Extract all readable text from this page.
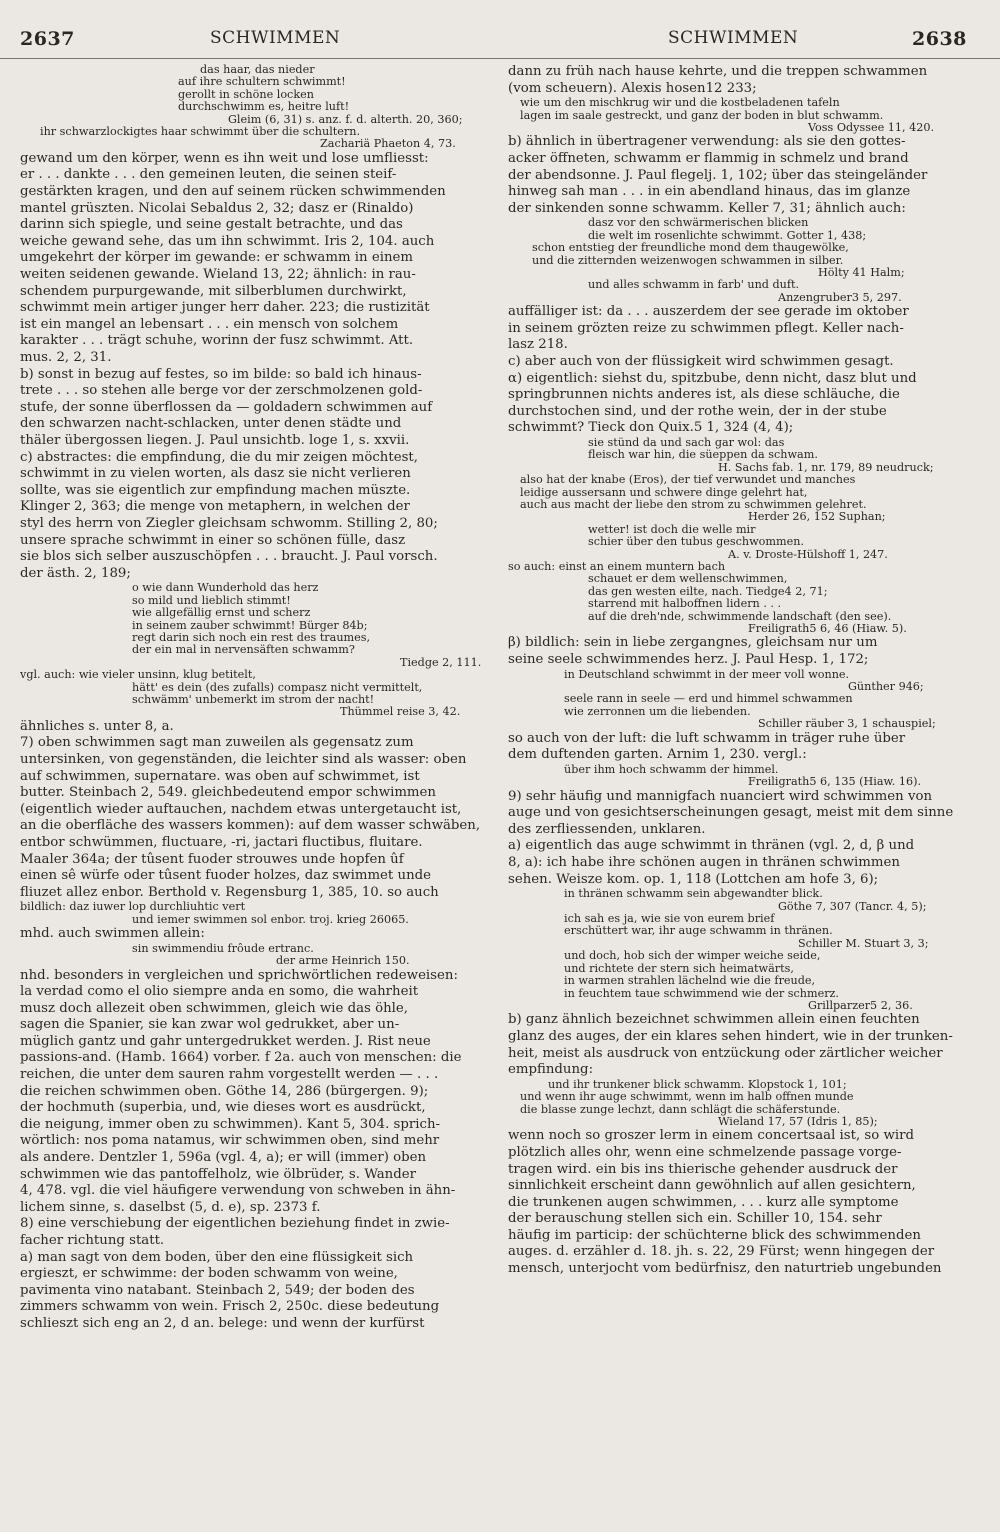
2637	SCHWIMMEN	SCHWIMMEN	2638
das haar, das nieder
auf ihre schultern schwimmt!
gerollt in schöne locken
durchschwimm es, heitre luft!
Gleim (6, 31) s. anz. f. d. alterth. 20, 360;
ihr schwarzlockigtes haar schwimmt über die schultern.
Zachariä Phaeton 4, 73.
gewand um den körper, wenn es ihn weit und lose umfliesst:
er . . . dankte . . . den gemeinen leuten, die seinen steif-
gestärkten kragen, und den auf seinem rücken schwimmenden
mantel grüszten. Nicolai Sebaldus 2, 32; dasz er (Rinaldo)
darinn sich spiegle, und seine gestalt betrachte, und das
weiche gewand sehe, das um ihn schwimmt. Iris 2, 104. auch
umgekehrt der körper im gewande: er schwamm in einem
weiten seidenen gewande. Wieland 13, 22; ähnlich: in rau-
schendem purpurgewande, mit silberblumen durchwirkt,
schwimmt mein artiger junger herr daher. 223; die rustizität
ist ein mangel an lebensart . . . ein mensch von solchem
karakter . . . trägt schuhe, worinn der fusz schwimmt. Att.
mus. 2, 2, 31.
b) sonst in bezug auf festes, so im bilde: so bald ich hinaus-
trete . . . so stehen alle berge vor der zerschmolzenen gold-
stufe, der sonne überflossen da — goldadern schwimmen auf
den schwarzen nacht-schlacken, unter denen städte und
thäler übergossen liegen. J. Paul unsichtb. loge 1, s. xxvii.
c) abstractes: die empfindung, die du mir zeigen möchtest,
schwimmt in zu vielen worten, als dasz sie nicht verlieren
sollte, was sie eigentlich zur empfindung machen müszte.
Klinger 2, 363; die menge von metaphern, in welchen der
styl des herrn von Ziegler gleichsam schwomm. Stilling 2, 80;
unsere sprache schwimmt in einer so schönen fülle, dasz
sie blos sich selber auszuschöpfen . . . braucht. J. Paul vorsch.
der ästh. 2, 189;
o wie dann Wunderhold das herz
so mild und lieblich stimmt!
wie allgefällig ernst und scherz
in seinem zauber schwimmt! Bürger 84b;
regt darin sich noch ein rest des traumes,
der ein mal in nervensäften schwamm?
Tiedge 2, 111.
vgl. auch: wie vieler unsinn, klug betitelt,
hätt' es dein (des zufalls) compasz nicht vermittelt,
schwämm' unbemerkt im strom der nacht!
Thümmel reise 3, 42.
ähnliches s. unter 8, a.
7) oben schwimmen sagt man zuweilen als gegensatz zum
untersinken, von gegenständen, die leichter sind als wasser: oben
auf schwimmen, supernatare. was oben auf schwimmet, ist
butter. Steinbach 2, 549. gleichbedeutend empor schwimmen
(eigentlich wieder auftauchen, nachdem etwas untergetaucht ist,
an die oberfläche des wassers kommen): auf dem wasser schwäben,
entbor schwümmen, fluctuare, -ri, jactari fluctibus, fluitare.
Maaler 364a; der tûsent fuoder strouwes unde hopfen ûf
einen sê würfe oder tûsent fuoder holzes, daz swimmet unde
fliuzet allez enbor. Berthold v. Regensburg 1, 385, 10. so auch
bildlich: daz iuwer lop durchliuhtic vert
und iemer swimmen sol enbor. troj. krieg 26065.
mhd. auch swimmen allein:
sin swimmendiu frôude ertranc.
der arme Heinrich 150.
nhd. besonders in vergleichen und sprichwörtlichen redeweisen:
la verdad como el olio siempre anda en somo, die wahrheit
musz doch allezeit oben schwimmen, gleich wie das öhle,
sagen die Spanier, sie kan zwar wol gedrukket, aber un-
müglich gantz und gahr untergedrukket werden. J. Rist neue
passions-and. (Hamb. 1664) vorber. f 2a. auch von menschen: die
reichen, die unter dem sauren rahm vorgestellt werden — . . .
die reichen schwimmen oben. Göthe 14, 286 (bürgergen. 9);
der hochmuth (superbia, und, wie dieses wort es ausdrückt,
die neigung, immer oben zu schwimmen). Kant 5, 304. sprich-
wörtlich: nos poma natamus, wir schwimmen oben, sind mehr
als andere. Dentzler 1, 596a (vgl. 4, a); er will (immer) oben
schwimmen wie das pantoffelholz, wie ölbrüder, s. Wander
4, 478. vgl. die viel häufigere verwendung von schweben in ähn-
lichem sinne, s. daselbst (5, d. e), sp. 2373 f.
8) eine verschiebung der eigentlichen beziehung findet in zwie-
facher richtung statt.
a) man sagt von dem boden, über den eine flüssigkeit sich
ergieszt, er schwimme: der boden schwamm von weine,
pavimenta vino natabant. Steinbach 2, 549; der boden des
zimmers schwamm von wein. Frisch 2, 250c. diese bedeutung
schlieszt sich eng an 2, d an. belege: und wenn der kurfürst
dann zu früh nach hause kehrte, und die treppen schwammen
(vom scheuern). Alexis hosen12 233;
wie um den mischkrug wir und die kostbeladenen tafeln
lagen im saale gestreckt, und ganz der boden in blut schwamm.
Voss Odyssee 11, 420.
b) ähnlich in übertragener verwendung: als sie den gottes-
acker öffneten, schwamm er flammig in schmelz und brand
der abendsonne. J. Paul flegelj. 1, 102; über das steingeländer
hinweg sah man . . . in ein abendland hinaus, das im glanze
der sinkenden sonne schwamm. Keller 7, 31; ähnlich auch:
dasz vor den schwärmerischen blicken
die welt im rosenlichte schwimmt. Gotter 1, 438;
schon entstieg der freundliche mond dem thaugewölke,
und die zitternden weizenwogen schwammen in silber.
Hölty 41 Halm;
und alles schwamm in farb' und duft.
Anzengruber3 5, 297.
auffälliger ist: da . . . auszerdem der see gerade im oktober
in seinem grözten reize zu schwimmen pflegt. Keller nach-
lasz 218.
c) aber auch von der flüssigkeit wird schwimmen gesagt.
α) eigentlich: siehst du, spitzbube, denn nicht, dasz blut und
springbrunnen nichts anderes ist, als diese schläuche, die
durchstochen sind, und der rothe wein, der in der stube
schwimmt? Tieck don Quix.5 1, 324 (4, 4);
sie stünd da und sach gar wol: das
fleisch war hin, die süeppen da schwam.
H. Sachs fab. 1, nr. 179, 89 neudruck;
also hat der knabe (Eros), der tief verwundet und manches
leidige aussersann und schwere dinge gelehrt hat,
auch aus macht der liebe den strom zu schwimmen gelehret.
Herder 26, 152 Suphan;
wetter! ist doch die welle mir
schier über den tubus geschwommen.
A. v. Droste-Hülshoff 1, 247.
so auch: einst an einem muntern bach
schauet er dem wellenschwimmen,
das gen westen eilte, nach. Tiedge4 2, 71;
starrend mit halboffnen lidern . . .
auf die dreh'nde, schwimmende landschaft (den see).
Freiligrath5 6, 46 (Hiaw. 5).
β) bildlich: sein in liebe zergangnes, gleichsam nur um
seine seele schwimmendes herz. J. Paul Hesp. 1, 172;
in Deutschland schwimmt in der meer voll wonne.
Günther 946;
seele rann in seele — erd und himmel schwammen
wie zerronnen um die liebenden.
Schiller räuber 3, 1 schauspiel;
so auch von der luft: die luft schwamm in träger ruhe über
dem duftenden garten. Arnim 1, 230. vergl.:
über ihm hoch schwamm der himmel.
Freiligrath5 6, 135 (Hiaw. 16).
9) sehr häufig und mannigfach nuanciert wird schwimmen von
auge und von gesichtserscheinungen gesagt, meist mit dem sinne
des zerfliessenden, unklaren.
a) eigentlich das auge schwimmt in thränen (vgl. 2, d, β und
8, a): ich habe ihre schönen augen in thränen schwimmen
sehen. Weisze kom. op. 1, 118 (Lottchen am hofe 3, 6);
in thränen schwamm sein abgewandter blick.
Göthe 7, 307 (Tancr. 4, 5);
ich sah es ja, wie sie von eurem brief
erschüttert war, ihr auge schwamm in thränen.
Schiller M. Stuart 3, 3;
und doch, hob sich der wimper weiche seide,
und richtete der stern sich heimatwärts,
in warmen strahlen lächelnd wie die freude,
in feuchtem taue schwimmend wie der schmerz.
Grillparzer5 2, 36.
b) ganz ähnlich bezeichnet schwimmen allein einen feuchten
glanz des auges, der ein klares sehen hindert, wie in der trunken-
heit, meist als ausdruck von entzückung oder zärtlicher weicher
empfindung:
und ihr trunkener blick schwamm. Klopstock 1, 101;
und wenn ihr auge schwimmt, wenn im halb offnen munde
die blasse zunge lechzt, dann schlägt die schäferstunde.
Wieland 17, 57 (Idris 1, 85);
wenn noch so groszer lerm in einem concertsaal ist, so wird
plötzlich alles ohr, wenn eine schmelzende passage vorge-
tragen wird. ein bis ins thierische gehender ausdruck der
sinnlichkeit erscheint dann gewöhnlich auf allen gesichtern,
die trunkenen augen schwimmen, . . . kurz alle symptome
der berauschung stellen sich ein. Schiller 10, 154. sehr
häufig im particip: der schüchterne blick des schwimmenden
auges. d. erzähler d. 18. jh. s. 22, 29 Fürst; wenn hingegen der
mensch, unterjocht vom bedürfnisz, den naturtrieb ungebunden
